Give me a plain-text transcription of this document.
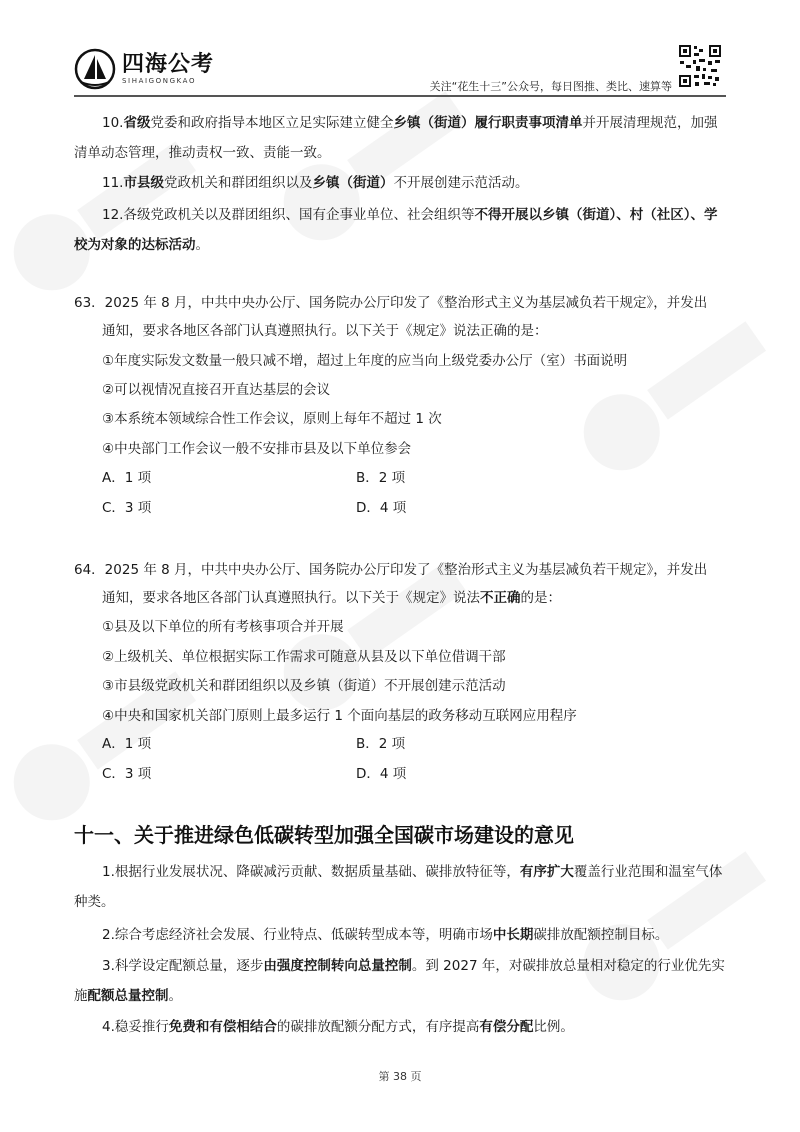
四海公考
SIHAIGONGKAO	关注“花生十三”公众号，每日图推、类比、速算等
10.省级党委和政府指导本地区立足实际建立健全乡镇（街道）履行职责事项清单并开展清理规范，加强清单动态管理，推动责权一致、责能一致。
11.市县级党政机关和群团组织以及乡镇（街道）不开展创建示范活动。
12.各级党政机关以及群团组织、国有企事业单位、社会组织等不得开展以乡镇（街道）、村（社区）、学校为对象的达标活动。
63．2025 年 8 月，中共中央办公厅、国务院办公厅印发了《整治形式主义为基层减负若干规定》，并发出
通知，要求各地区各部门认真遵照执行。以下关于《规定》说法正确的是：
①年度实际发文数量一般只减不增，超过上年度的应当向上级党委办公厅（室）书面说明
②可以视情况直接召开直达基层的会议
③本系统本领域综合性工作会议，原则上每年不超过 1 次
④中央部门工作会议一般不安排市县及以下单位参会
A．1 项	B．2 项
C．3 项	D．4 项
64．2025 年 8 月，中共中央办公厅、国务院办公厅印发了《整治形式主义为基层减负若干规定》，并发出
通知，要求各地区各部门认真遵照执行。以下关于《规定》说法不正确的是：
①县及以下单位的所有考核事项合并开展
②上级机关、单位根据实际工作需求可随意从县及以下单位借调干部
③市县级党政机关和群团组织以及乡镇（街道）不开展创建示范活动
④中央和国家机关部门原则上最多运行 1 个面向基层的政务移动互联网应用程序
A．1 项	B．2 项
C．3 项	D．4 项
十一、关于推进绿色低碳转型加强全国碳市场建设的意见
1.根据行业发展状况、降碳减污贡献、数据质量基础、碳排放特征等，有序扩大覆盖行业范围和温室气体种类。
2.综合考虑经济社会发展、行业特点、低碳转型成本等，明确市场中长期碳排放配额控制目标。
3.科学设定配额总量，逐步由强度控制转向总量控制。到 2027 年，对碳排放总量相对稳定的行业优先实施配额总量控制。
4.稳妥推行免费和有偿相结合的碳排放配额分配方式，有序提高有偿分配比例。
第 38 页
